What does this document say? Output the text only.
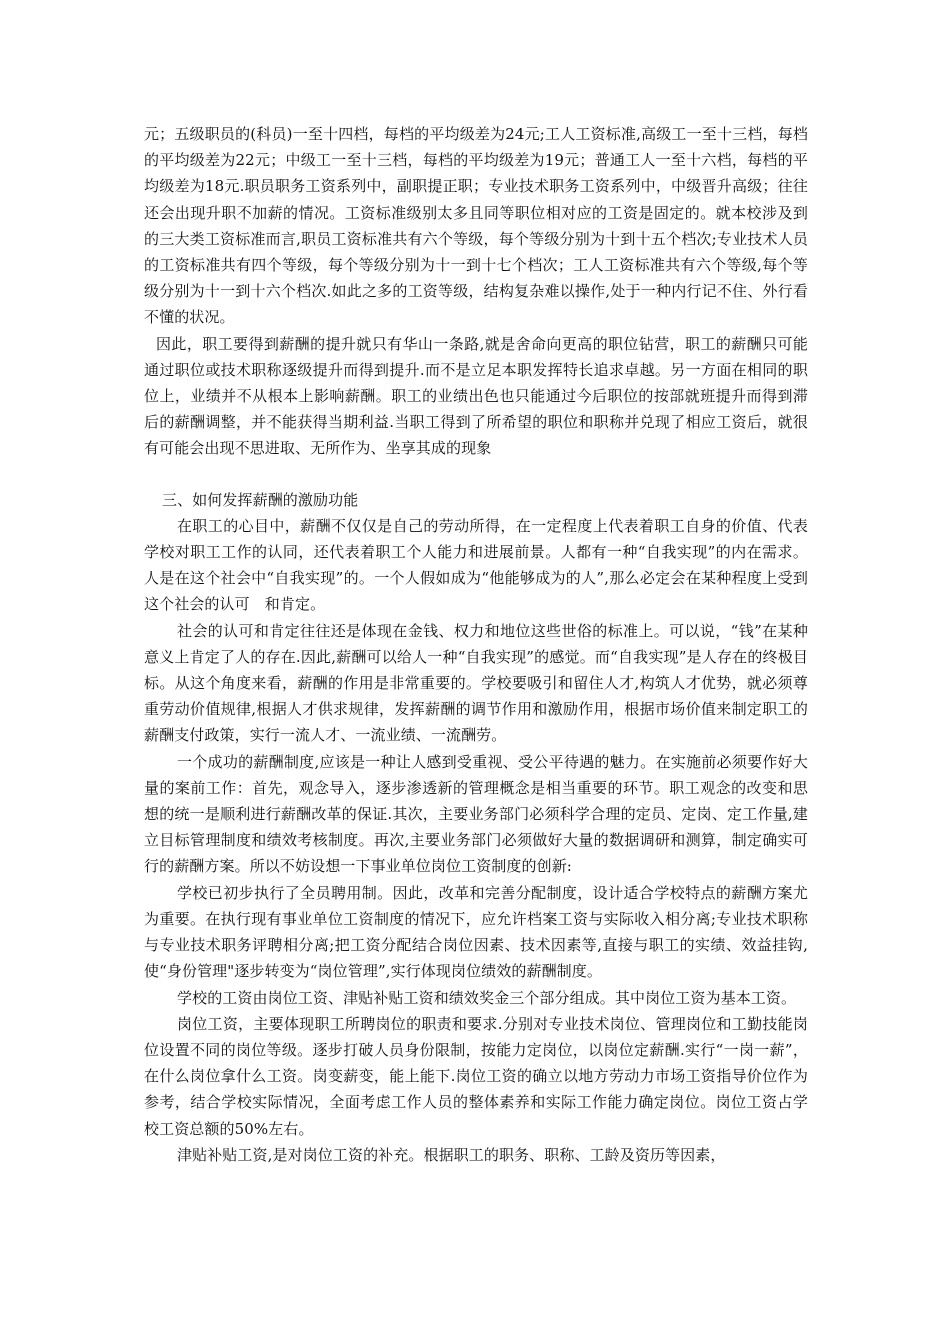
元；五级职员的(科员)一至十四档，每档的平均级差为24元;工人工资标准,高级工一至十三档，每档的平均级差为22元；中级工一至十三档，每档的平均级差为19元；普通工人一至十六档，每档的平均级差为18元.职员职务工资系列中，副职提正职；专业技术职务工资系列中，中级晋升高级；往往还会出现升职不加薪的情况。工资标准级别太多且同等职位相对应的工资是固定的。就本校涉及到的三大类工资标准而言,职员工资标准共有六个等级，每个等级分别为十到十五个档次;专业技术人员的工资标准共有四个等级，每个等级分别为十一到十七个档次；工人工资标准共有六个等级,每个等级分别为十一到十六个档次.如此之多的工资等级，结构复杂难以操作,处于一种内行记不住、外行看不懂的状况。

因此，职工要得到薪酬的提升就只有华山一条路,就是舍命向更高的职位钻营，职工的薪酬只可能通过职位或技术职称逐级提升而得到提升.而不是立足本职发挥特长追求卓越。另一方面在相同的职位上，业绩并不从根本上影响薪酬。职工的业绩出色也只能通过今后职位的按部就班提升而得到滞后的薪酬调整，并不能获得当期利益.当职工得到了所希望的职位和职称并兑现了相应工资后，就很有可能会出现不思进取、无所作为、坐享其成的现象

三、如何发挥薪酬的激励功能

在职工的心目中，薪酬不仅仅是自己的劳动所得，在一定程度上代表着职工自身的价值、代表学校对职工工作的认同，还代表着职工个人能力和进展前景。人都有一种“自我实现”的内在需求。人是在这个社会中“自我实现”的。一个人假如成为“他能够成为的人”,那么必定会在某种程度上受到这个社会的认可　和肯定。

社会的认可和肯定往往还是体现在金钱、权力和地位这些世俗的标准上。可以说，“钱”在某种意义上肯定了人的存在.因此,薪酬可以给人一种“自我实现”的感觉。而“自我实现”是人存在的终极目标。从这个角度来看，薪酬的作用是非常重要的。学校要吸引和留住人才,构筑人才优势，就必须尊重劳动价值规律,根据人才供求规律，发挥薪酬的调节作用和激励作用，根据市场价值来制定职工的薪酬支付政策，实行一流人才、一流业绩、一流酬劳。

一个成功的薪酬制度,应该是一种让人感到受重视、受公平待遇的魅力。在实施前必须要作好大量的案前工作：首先，观念导入，逐步渗透新的管理概念是相当重要的环节。职工观念的改变和思想的统一是顺利进行薪酬改革的保证.其次，主要业务部门必须科学合理的定员、定岗、定工作量,建立目标管理制度和绩效考核制度。再次,主要业务部门必须做好大量的数据调研和测算，制定确实可行的薪酬方案。所以不妨设想一下事业单位岗位工资制度的创新:

学校已初步执行了全员聘用制。因此，改革和完善分配制度，设计适合学校特点的薪酬方案尤为重要。在执行现有事业单位工资制度的情况下，应允许档案工资与实际收入相分离;专业技术职称与专业技术职务评聘相分离;把工资分配结合岗位因素、技术因素等,直接与职工的实绩、效益挂钩,使“身份管理"逐步转变为“岗位管理”,实行体现岗位绩效的薪酬制度。

学校的工资由岗位工资、津贴补贴工资和绩效奖金三个部分组成。其中岗位工资为基本工资。

岗位工资，主要体现职工所聘岗位的职责和要求.分别对专业技术岗位、管理岗位和工勤技能岗位设置不同的岗位等级。逐步打破人员身份限制，按能力定岗位，以岗位定薪酬.实行“一岗一薪”，在什么岗位拿什么工资。岗变薪变，能上能下.岗位工资的确立以地方劳动力市场工资指导价位作为参考，结合学校实际情况，全面考虑工作人员的整体素养和实际工作能力确定岗位。岗位工资占学校工资总额的50%左右。

津贴补贴工资,是对岗位工资的补充。根据职工的职务、职称、工龄及资历等因素，
